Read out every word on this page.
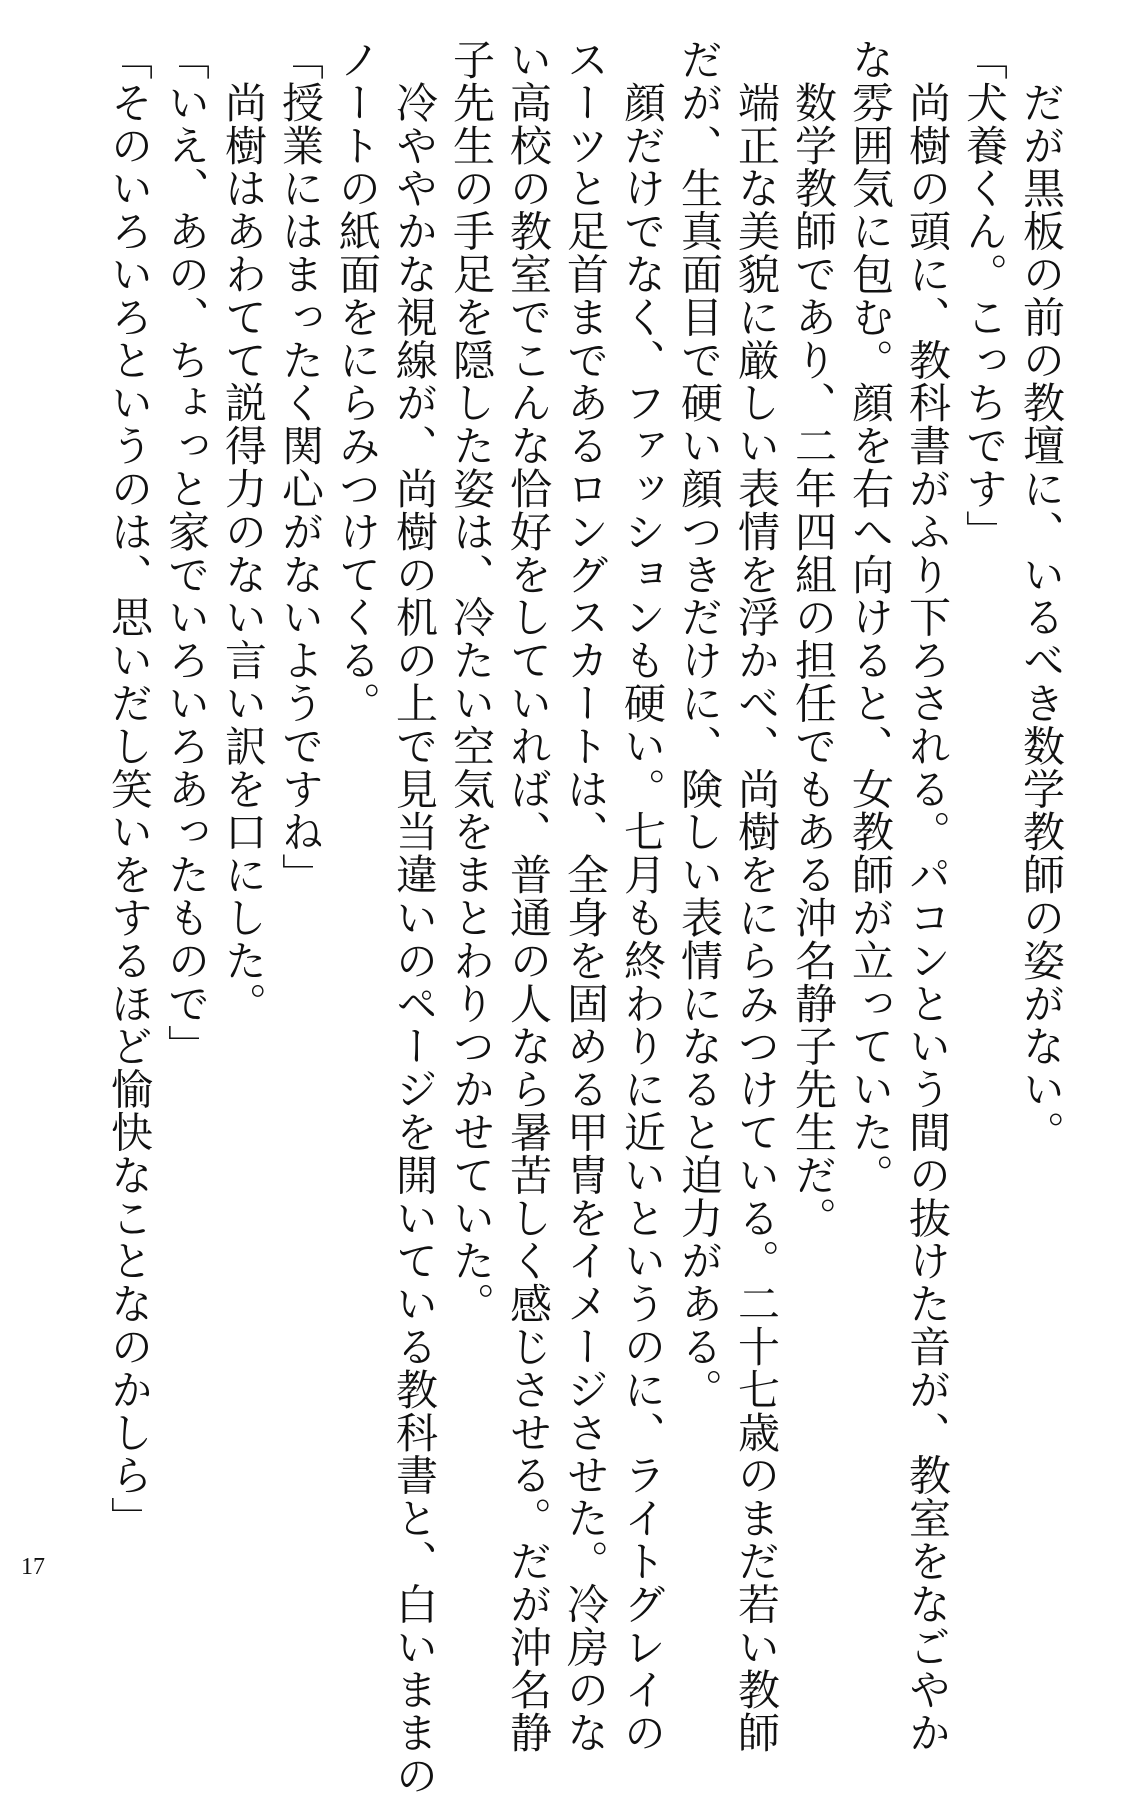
　だが黒板の前の教壇に、いるべき数学教師の姿がない。
「犬養くん。こっちです」
　尚樹の頭に、教科書がふり下ろされる。パコンという間の抜けた音が、教室をなごやか
な雰囲気に包む。顔を右へ向けると、女教師が立っていた。
　数学教師であり、二年四組の担任でもある沖名静子先生だ。
　端正な美貌に厳しい表情を浮かべ、尚樹をにらみつけている。二十七歳のまだ若い教師
だが、生真面目で硬い顔つきだけに、険しい表情になると迫力がある。
　顔だけでなく、ファッションも硬い。七月も終わりに近いというのに、ライトグレイの
スーツと足首まであるロングスカートは、全身を固める甲冑をイメージさせた。冷房のな
い高校の教室でこんな恰好をしていれば、普通の人なら暑苦しく感じさせる。だが沖名静
子先生の手足を隠した姿は、冷たい空気をまとわりつかせていた。
　冷ややかな視線が、尚樹の机の上で見当違いのページを開いている教科書と、白いままの
ノートの紙面をにらみつけてくる。
「授業にはまったく関心がないようですね」
　尚樹はあわてて説得力のない言い訳を口にした。
「いえ、あの、ちょっと家でいろいろあったもので」
「そのいろいろというのは、思いだし笑いをするほど愉快なことなのかしら」
17
